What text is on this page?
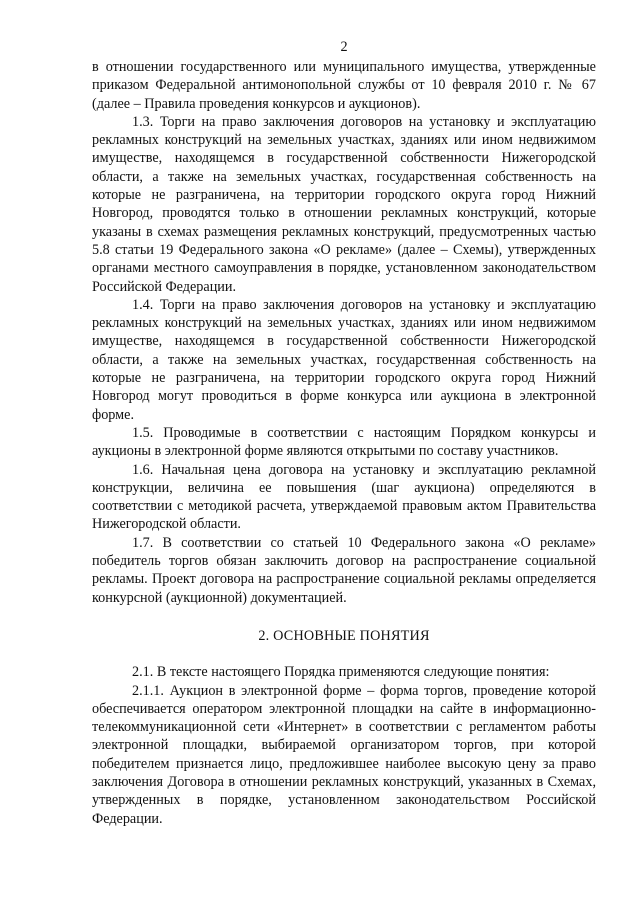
2

в отношении государственного или муниципального имущества, утвержденные приказом Федеральной антимонопольной службы от 10 февраля 2010 г. № 67 (далее – Правила проведения конкурсов и аукционов).

1.3. Торги на право заключения договоров на установку и эксплуатацию рекламных конструкций на земельных участках, зданиях или ином недвижимом имуществе, находящемся в государственной собственности Нижегородской области, а также на земельных участках, государственная собственность на которые не разграничена, на территории городского округа город Нижний Новгород, проводятся только в отношении рекламных конструкций, которые указаны в схемах размещения рекламных конструкций, предусмотренных частью 5.8 статьи 19 Федерального закона «О рекламе» (далее – Схемы), утвержденных органами местного самоуправления в порядке, установленном законодательством Российской Федерации.

1.4. Торги на право заключения договоров на установку и эксплуатацию рекламных конструкций на земельных участках, зданиях или ином недвижимом имуществе, находящемся в государственной собственности Нижегородской области, а также на земельных участках, государственная собственность на которые не разграничена, на территории городского округа город Нижний Новгород могут проводиться в форме конкурса или аукциона в электронной форме.

1.5. Проводимые в соответствии с настоящим Порядком конкурсы и аукционы в электронной форме являются открытыми по составу участников.

1.6. Начальная цена договора на установку и эксплуатацию рекламной конструкции, величина ее повышения (шаг аукциона) определяются в соответствии с методикой расчета, утверждаемой правовым актом Правительства Нижегородской области.

1.7. В соответствии со статьей 10 Федерального закона «О рекламе» победитель торгов обязан заключить договор на распространение социальной рекламы. Проект договора на распространение социальной рекламы определяется конкурсной (аукционной) документацией.

2. ОСНОВНЫЕ ПОНЯТИЯ

2.1. В тексте настоящего Порядка применяются следующие понятия:

2.1.1. Аукцион в электронной форме – форма торгов, проведение которой обеспечивается оператором электронной площадки на сайте в информационно-телекоммуникационной сети «Интернет» в соответствии с регламентом работы электронной площадки, выбираемой организатором торгов, при которой победителем признается лицо, предложившее наиболее высокую цену за право заключения Договора в отношении рекламных конструкций, указанных в Схемах, утвержденных в порядке, установленном законодательством Российской Федерации.
